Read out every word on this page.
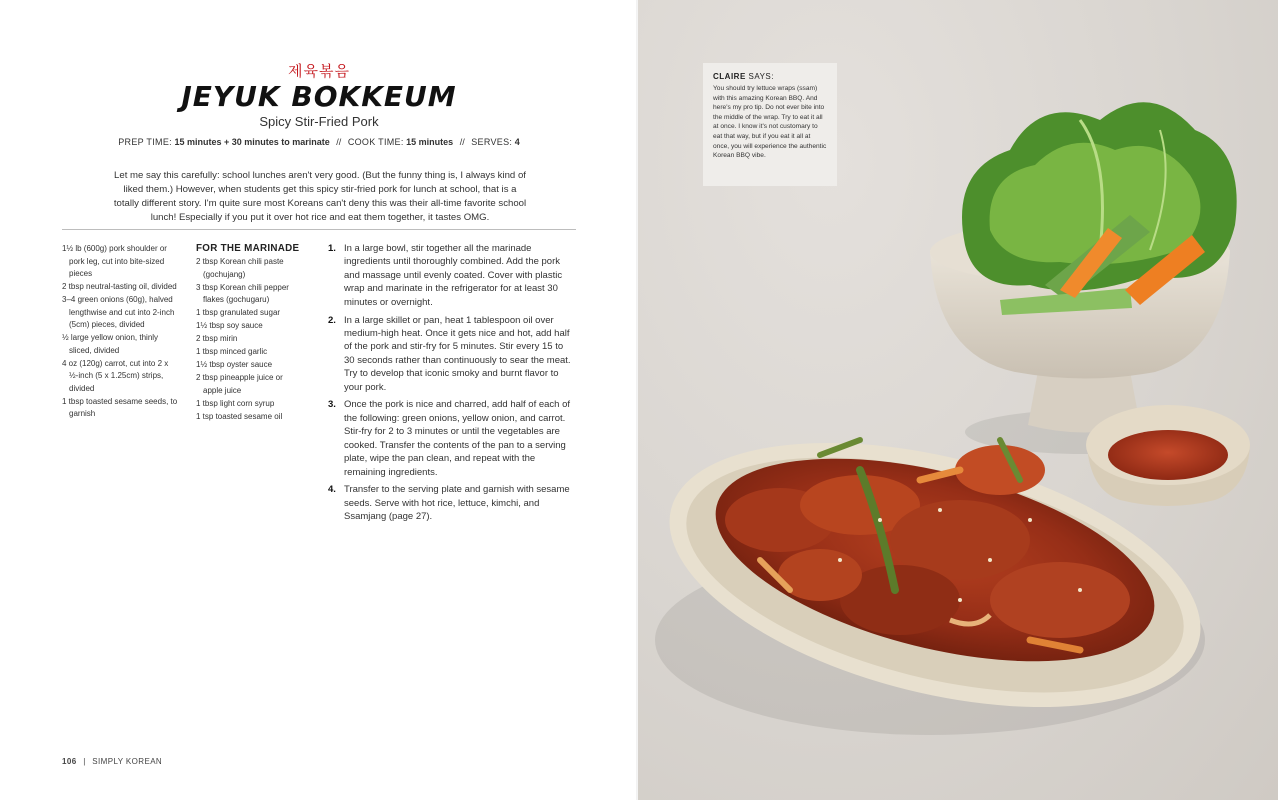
제육볶음
JEYUK BOKKEUM
Spicy Stir-Fried Pork
PREP TIME: 15 minutes + 30 minutes to marinate // COOK TIME: 15 minutes // SERVES: 4

Let me say this carefully: school lunches aren't very good. (But the funny thing is, I always kind of liked them.) However, when students get this spicy stir-fried pork for lunch at school, that is a totally different story. I'm quite sure most Koreans can't deny this was their all-time favorite school lunch! Especially if you put it over hot rice and eat them together, it tastes OMG.

1½ lb (600g) pork shoulder or pork leg, cut into bite-sized pieces
2 tbsp neutral-tasting oil, divided
3–4 green onions (60g), halved lengthwise and cut into 2-inch (5cm) pieces, divided
½ large yellow onion, thinly sliced, divided
4 oz (120g) carrot, cut into 2 x ½-inch (5 x 1.25cm) strips, divided
1 tbsp toasted sesame seeds, to garnish
FOR THE MARINADE
2 tbsp Korean chili paste (gochujang)
3 tbsp Korean chili pepper flakes (gochugaru)
1 tbsp granulated sugar
1½ tbsp soy sauce
2 tbsp mirin
1 tbsp minced garlic
1½ tbsp oyster sauce
2 tbsp pineapple juice or apple juice
1 tbsp light corn syrup
1 tsp toasted sesame oil
1. In a large bowl, stir together all the marinade ingredients until thoroughly combined. Add the pork and massage until evenly coated. Cover with plastic wrap and marinate in the refrigerator for at least 30 minutes or overnight.
2. In a large skillet or pan, heat 1 tablespoon oil over medium-high heat. Once it gets nice and hot, add half of the pork and stir-fry for 5 minutes. Stir every 15 to 30 seconds rather than continuously to sear the meat. Try to develop that iconic smoky and burnt flavor to your pork.
3. Once the pork is nice and charred, add half of each of the following: green onions, yellow onion, and carrot. Stir-fry for 2 to 3 minutes or until the vegetables are cooked. Transfer the contents of the pan to a serving plate, wipe the pan clean, and repeat with the remaining ingredients.
4. Transfer to the serving plate and garnish with sesame seeds. Serve with hot rice, lettuce, kimchi, and Ssamjang (page 27).
106 | SIMPLY KOREAN
CLAIRE SAYS:
You should try lettuce wraps (ssam) with this amazing Korean BBQ. And here's my pro tip. Do not ever bite into the middle of the wrap. Try to eat it all at once. I know it's not customary to eat that way, but if you eat it all at once, you will experience the authentic Korean BBQ vibe.
